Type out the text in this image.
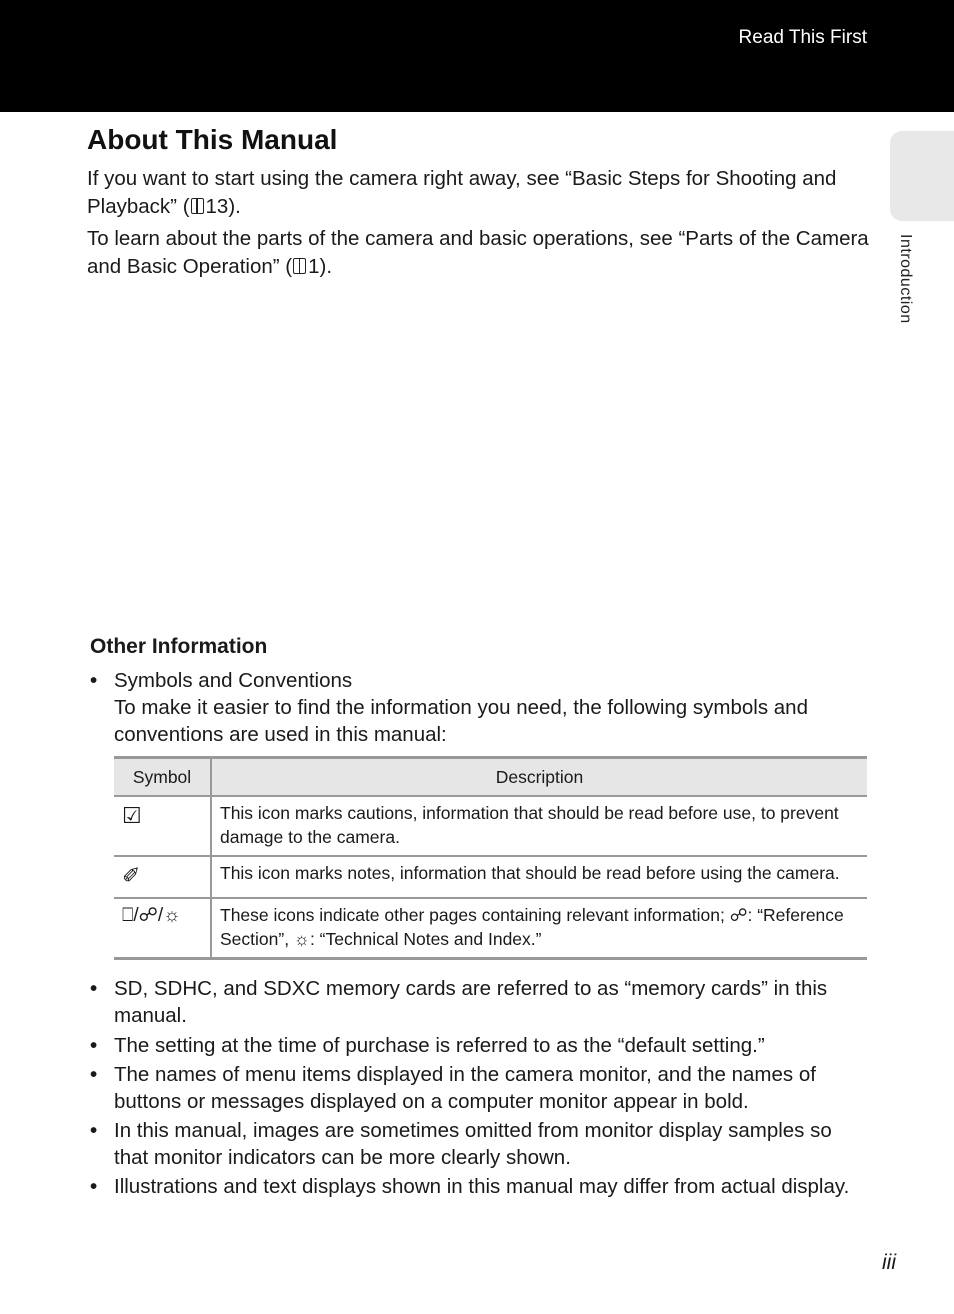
Read This First
Introduction
About This Manual

If you want to start using the camera right away, see “Basic Steps for Shooting and Playback” ( 13).

To learn about the parts of the camera and basic operations, see “Parts of the Camera and Basic Operation” ( 1).

Other Information
• Symbols and Conventions
To make it easier to find the information you need, the following symbols and conventions are used in this manual:
Symbol	Description
☑	This icon marks cautions, information that should be read before use, to prevent damage to the camera.
✐	This icon marks notes, information that should be read before using the camera.
⎕/☍/☼	These icons indicate other pages containing relevant information; ☍: “Reference Section”, ☼: “Technical Notes and Index.”
• SD, SDHC, and SDXC memory cards are referred to as “memory cards” in this manual.
• The setting at the time of purchase is referred to as the “default setting.”
• The names of menu items displayed in the camera monitor, and the names of buttons or messages displayed on a computer monitor appear in bold.
• In this manual, images are sometimes omitted from monitor display samples so that monitor indicators can be more clearly shown.
• Illustrations and text displays shown in this manual may differ from actual display.
iii
